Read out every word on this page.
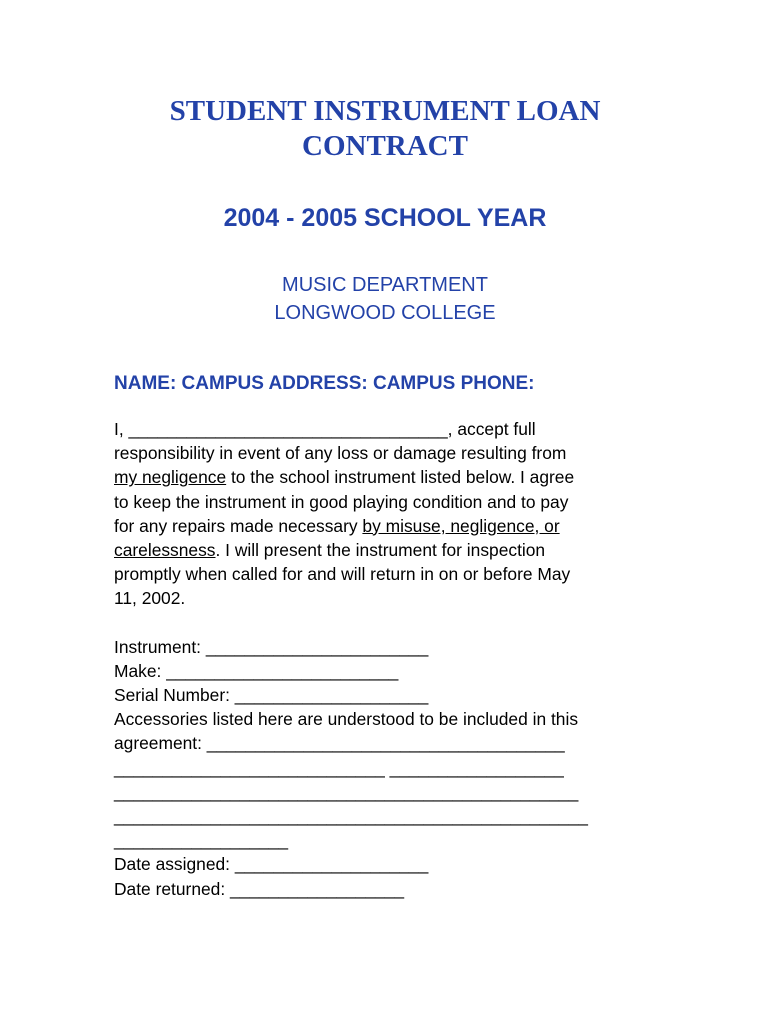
STUDENT INSTRUMENT LOAN
CONTRACT
2004 - 2005 SCHOOL YEAR
MUSIC DEPARTMENT
LONGWOOD COLLEGE
NAME: CAMPUS ADDRESS: CAMPUS PHONE:
I, _________________________________, accept full
responsibility in event of any loss or damage resulting from
my negligence to the school instrument listed below. I agree
to keep the instrument in good playing condition and to pay
for any repairs made necessary by misuse, negligence, or
carelessness. I will present the instrument for inspection
promptly when called for and will return in on or before May
11, 2002.
Instrument: _______________________
Make: ________________________
Serial Number: ____________________
Accessories listed here are understood to be included in this
agreement: _____________________________________
____________________________ __________________
________________________________________________
_________________________________________________
__________________
Date assigned: ____________________
Date returned: __________________
